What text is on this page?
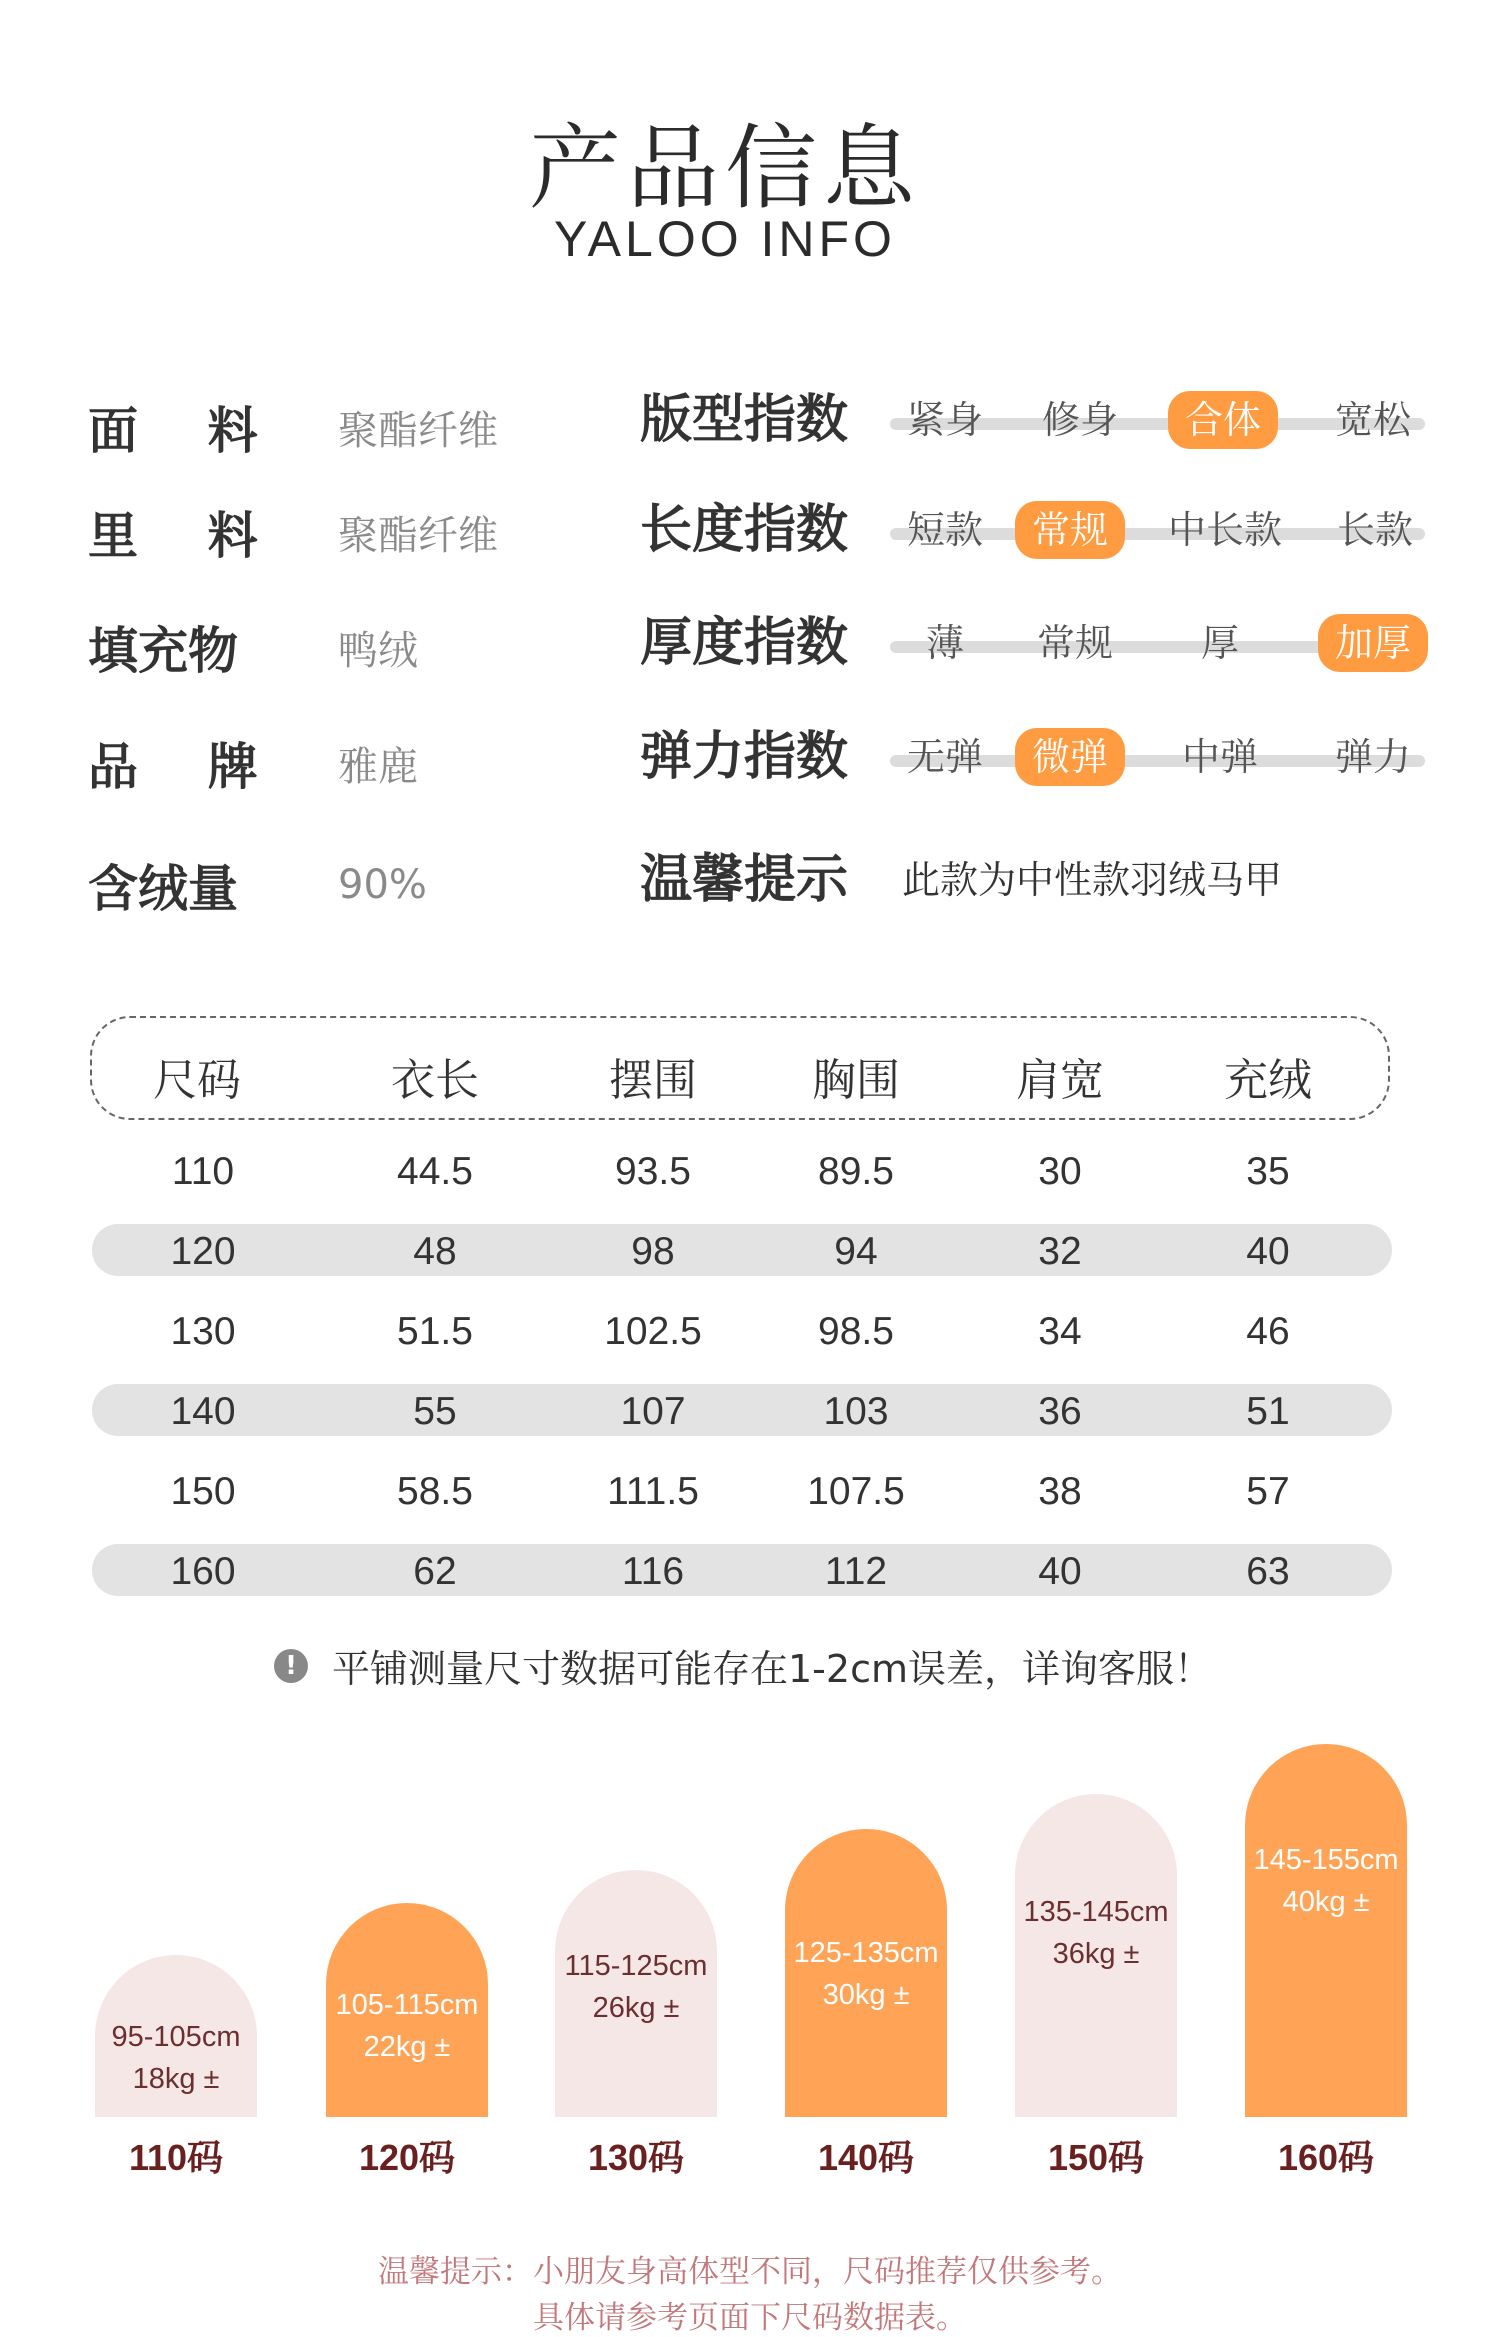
产品信息
YALOO INFO
面    料	聚酯纤维
里    料	聚酯纤维
填充物	鸭绒
品    牌	雅鹿
含绒量	90%
版型指数	紧身	修身	合体	宽松
长度指数	短款	常规	中长款	长款
厚度指数	薄	常规	厚	加厚
弹力指数	无弹	微弹	中弹	弹力
温馨提示 此款为中性款羽绒马甲
尺码	衣长	摆围	胸围	肩宽	充绒
110	44.5	93.5	89.5	30	35
120	48	98	94	32	40
130	51.5	102.5	98.5	34	46
140	55	107	103	36	51
150	58.5	111.5	107.5	38	57
160	62	116	112	40	63
! 平铺测量尺寸数据可能存在1-2cm误差，详询客服！
95-105cm
18kg ±
105-115cm
22kg ±
115-125cm
26kg ±
125-135cm
30kg ±
135-145cm
36kg ±
145-155cm
40kg ±
110码	120码	130码	140码	150码	160码
温馨提示：小朋友身高体型不同，尺码推荐仅供参考。
具体请参考页面下尺码数据表。
